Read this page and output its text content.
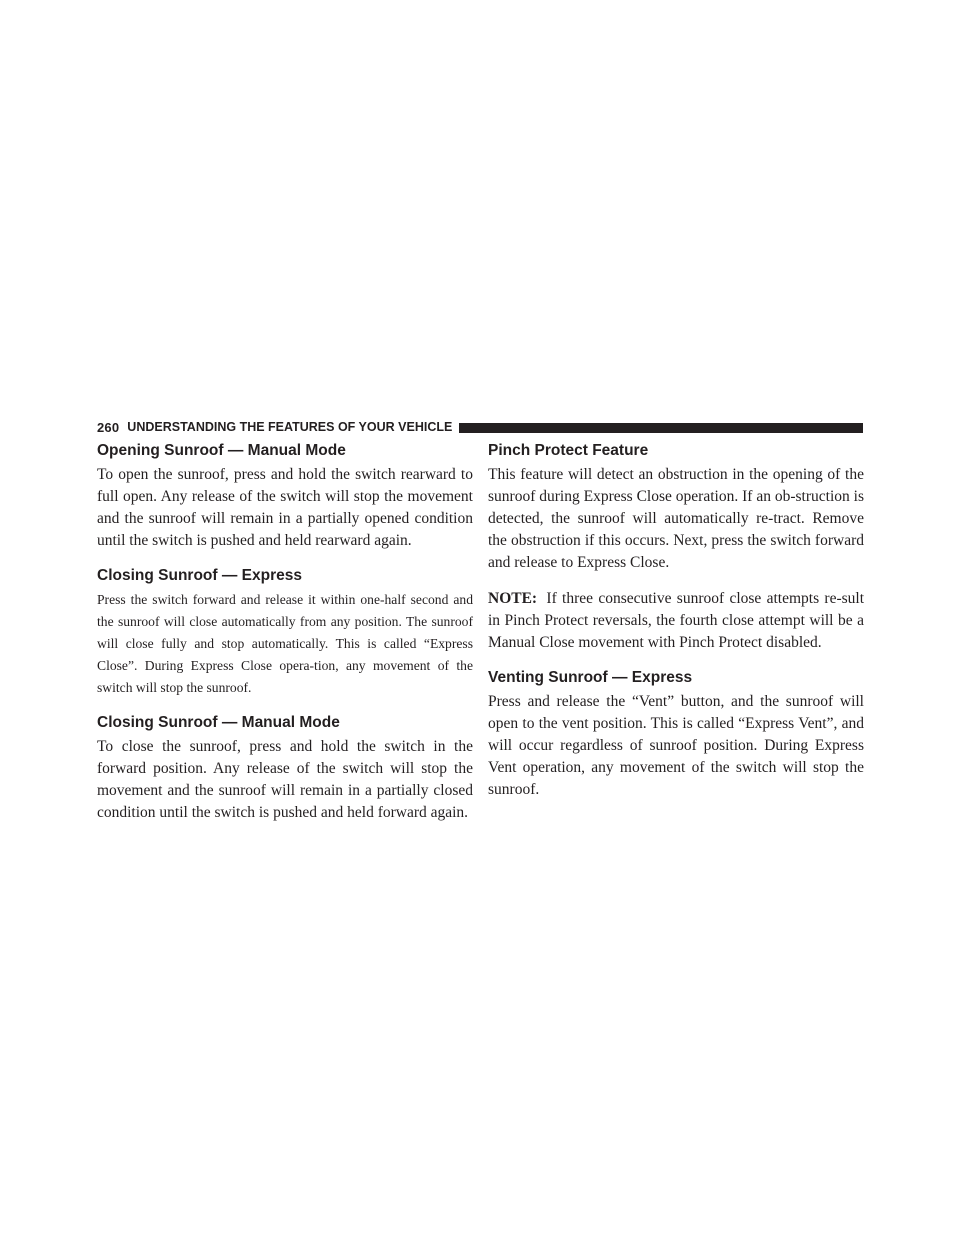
260 UNDERSTANDING THE FEATURES OF YOUR VEHICLE
Opening Sunroof — Manual Mode

To open the sunroof, press and hold the switch rearward to full open. Any release of the switch will stop the movement and the sunroof will remain in a partially opened condition until the switch is pushed and held rearward again.

Closing Sunroof — Express

Press the switch forward and release it within one-half second and the sunroof will close automatically from any position. The sunroof will close fully and stop automatically. This is called “Express Close”. During Express Close opera-tion, any movement of the switch will stop the sunroof.

Closing Sunroof — Manual Mode

To close the sunroof, press and hold the switch in the forward position. Any release of the switch will stop the movement and the sunroof will remain in a partially closed condition until the switch is pushed and held forward again.

Pinch Protect Feature

This feature will detect an obstruction in the opening of the sunroof during Express Close operation. If an ob-struction is detected, the sunroof will automatically re-tract. Remove the obstruction if this occurs. Next, press the switch forward and release to Express Close.

NOTE: If three consecutive sunroof close attempts re-sult in Pinch Protect reversals, the fourth close attempt will be a Manual Close movement with Pinch Protect disabled.

Venting Sunroof — Express

Press and release the “Vent” button, and the sunroof will open to the vent position. This is called “Express Vent”, and will occur regardless of sunroof position. During Express Vent operation, any movement of the switch will stop the sunroof.
